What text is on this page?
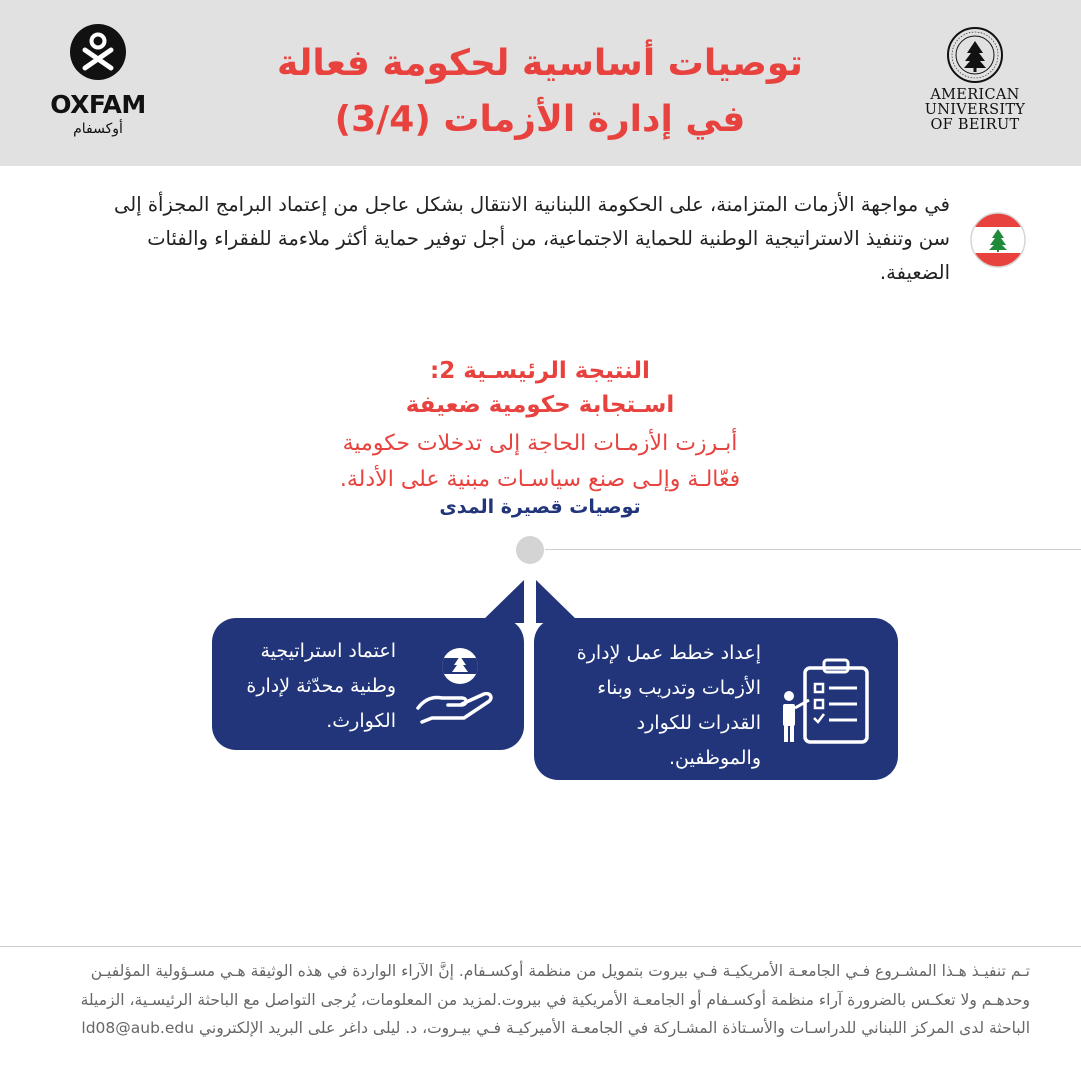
OXFAM
أوكسفام
توصيات أساسية لحكومة فعالة
في إدارة الأزمات (3/4)
AMERICAN
UNIVERSITY
OF BEIRUT
في مواجهة الأزمات المتزامنة، على الحكومة اللبنانية الانتقال بشكل عاجل من إعتماد البرامج المجزأة إلى سن وتنفيذ الاستراتيجية الوطنية للحماية الاجتماعية، من أجل توفير حماية أكثر ملاءمة للفقراء والفئات الضعيفة.
النتيجة الرئيسـية 2:
اسـتجابة حكومية ضعيفة
أبـرزت الأزمـات الحاجة إلى تدخلات حكومية
فعّالـة وإلـى صنع سياسـات مبنية على الأدلة.
توصيات قصيرة المدى
إعداد خطط عمل لإدارة الأزمات وتدريب وبناء القدرات للكوارد والموظفين.
اعتماد استراتيجية وطنية محدّثة لإدارة الكوارث.
تـم تنفيـذ هـذا المشـروع فـي الجامعـة الأمريكيـة فـي بيروت بتمويل من منظمة أوكسـفام. إنَّ الآراء الواردة في هذه الوثيقة هـي مسـؤولية المؤلفيـن وحدهـم ولا تعكـس بالضرورة آراء منظمة أوكسـفام أو الجامعـة الأمريكية في بيروت.لمزيد من المعلومات، يُرجى التواصل مع الباحثة الرئيسـية، الزميلة الباحثة لدى المركز اللبناني للدراسـات والأسـتاذة المشـاركة في الجامعـة الأميركيـة فـي بيـروت، د. ليلى داغر على البريد الإلكتروني ld08@aub.edu
